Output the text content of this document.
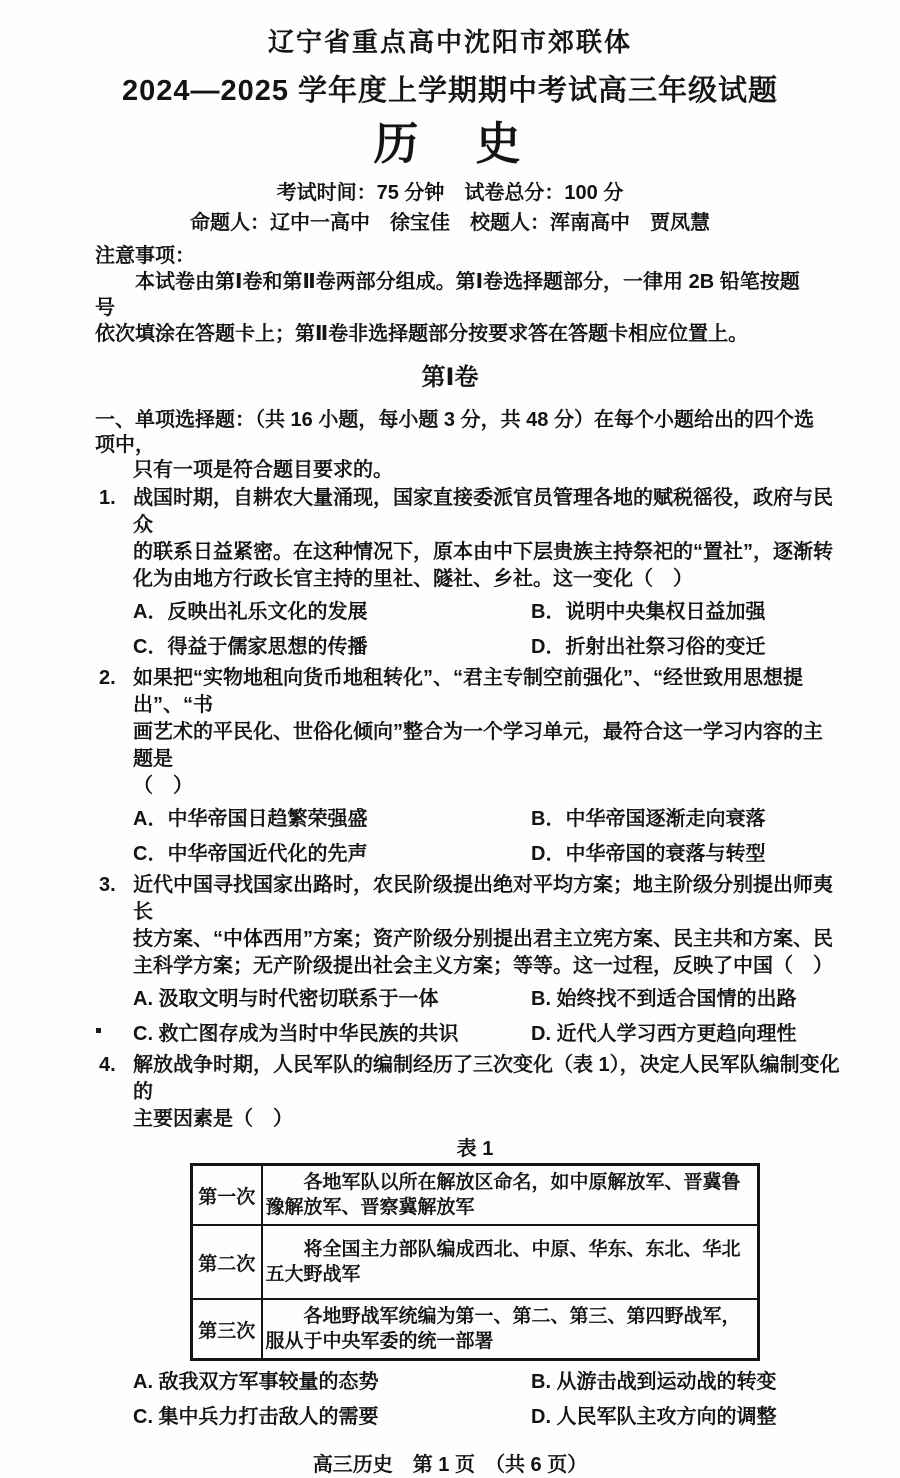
辽宁省重点高中沈阳市郊联体
2024—2025 学年度上学期期中考试高三年级试题
历　史
考试时间：75 分钟　试卷总分：100 分
命题人：辽中一高中　徐宝佳　校题人：浑南高中　贾凤慧
注意事项：
本试卷由第Ⅰ卷和第Ⅱ卷两部分组成。第Ⅰ卷选择题部分，一律用 2B 铅笔按题号
依次填涂在答题卡上；第Ⅱ卷非选择题部分按要求答在答题卡相应位置上。
第Ⅰ卷
一、单项选择题：（共 16 小题，每小题 3 分，共 48 分）在每个小题给出的四个选项中，
只有一项是符合题目要求的。
1. 战国时期，自耕农大量涌现，国家直接委派官员管理各地的赋税徭役，政府与民众
的联系日益紧密。在这种情况下，原本由中下层贵族主持祭祀的“置社”，逐渐转
化为由地方行政长官主持的里社、隧社、乡社。这一变化（　）
A．反映出礼乐文化的发展	B．说明中央集权日益加强
C．得益于儒家思想的传播	D．折射出社祭习俗的变迁
2. 如果把“实物地租向货币地租转化”、“君主专制空前强化”、“经世致用思想提出”、“书
画艺术的平民化、世俗化倾向”整合为一个学习单元，最符合这一学习内容的主题是
（　）
A．中华帝国日趋繁荣强盛	B．中华帝国逐渐走向衰落
C．中华帝国近代化的先声	D．中华帝国的衰落与转型
3. 近代中国寻找国家出路时，农民阶级提出绝对平均方案；地主阶级分别提出师夷长
技方案、“中体西用”方案；资产阶级分别提出君主立宪方案、民主共和方案、民
主科学方案；无产阶级提出社会主义方案；等等。这一过程，反映了中国（　）
A. 汲取文明与时代密切联系于一体	B. 始终找不到适合国情的出路
C. 救亡图存成为当时中华民族的共识	D. 近代人学习西方更趋向理性
4. 解放战争时期，人民军队的编制经历了三次变化（表 1），决定人民军队编制变化的
主要因素是（　）
表 1
第一次	各地军队以所在解放区命名，如中原解放军、晋冀鲁豫解放军、晋察冀解放军
第二次	将全国主力部队编成西北、中原、华东、东北、华北五大野战军
第三次	各地野战军统编为第一、第二、第三、第四野战军，服从于中央军委的统一部署
A. 敌我双方军事较量的态势	B. 从游击战到运动战的转变
C. 集中兵力打击敌人的需要	D. 人民军队主攻方向的调整
高三历史　第 1 页　（共 6 页）
